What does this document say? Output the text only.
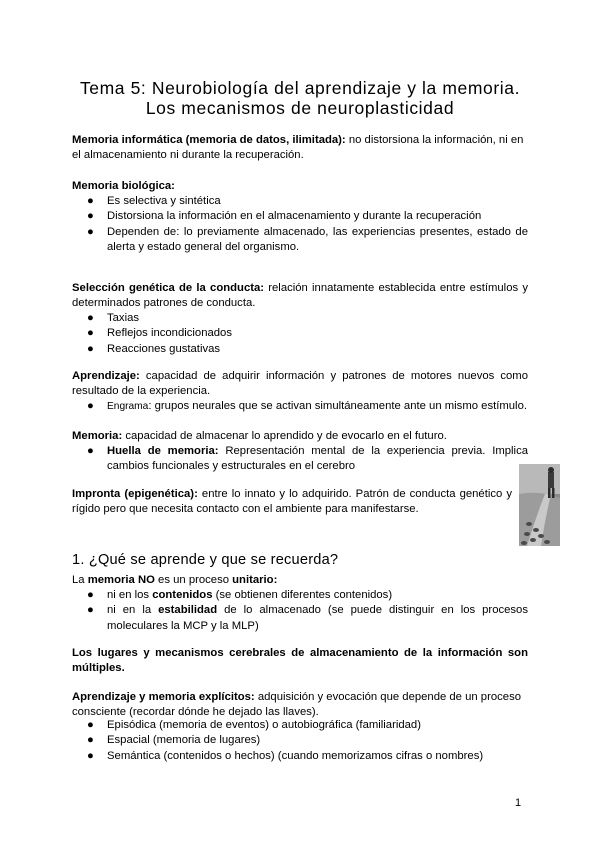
Tema 5: Neurobiología del aprendizaje y la memoria.
Los mecanismos de neuroplasticidad
Memoria informática (memoria de datos, ilimitada): no distorsiona la información, ni en el almacenamiento ni durante la recuperación.
Memoria biológica:
● Es selectiva y sintética
● Distorsiona la información en el almacenamiento y durante la recuperación
● Dependen de: lo previamente almacenado, las experiencias presentes, estado de alerta y estado general del organismo.
Selección genética de la conducta: relación innatamente establecida entre estímulos y determinados patrones de conducta.
● Taxias
● Reflejos incondicionados
● Reacciones gustativas
Aprendizaje: capacidad de adquirir información y patrones de motores nuevos como resultado de la experiencia.
● Engrama: grupos neurales que se activan simultáneamente ante un mismo estímulo.
Memoria: capacidad de almacenar lo aprendido y de evocarlo en el futuro.
● Huella de memoria: Representación mental de la experiencia previa. Implica cambios funcionales y estructurales en el cerebro
Impronta (epigenética): entre lo innato y lo adquirido. Patrón de conducta genético y rígido pero que necesita contacto con el ambiente para manifestarse.
1. ¿Qué se aprende y que se recuerda?
La memoria NO es un proceso unitario:
● ni en los contenidos (se obtienen diferentes contenidos)
● ni en la estabilidad de lo almacenado (se puede distinguir en los procesos moleculares la MCP y la MLP)
Los lugares y mecanismos cerebrales de almacenamiento de la información son múltiples.
Aprendizaje y memoria explícitos: adquisición y evocación que depende de un proceso consciente (recordar dónde he dejado las llaves).
● Episódica (memoria de eventos) o autobiográfica (familiaridad)
● Espacial (memoria de lugares)
● Semántica (contenidos o hechos) (cuando memorizamos cifras o nombres)
1
